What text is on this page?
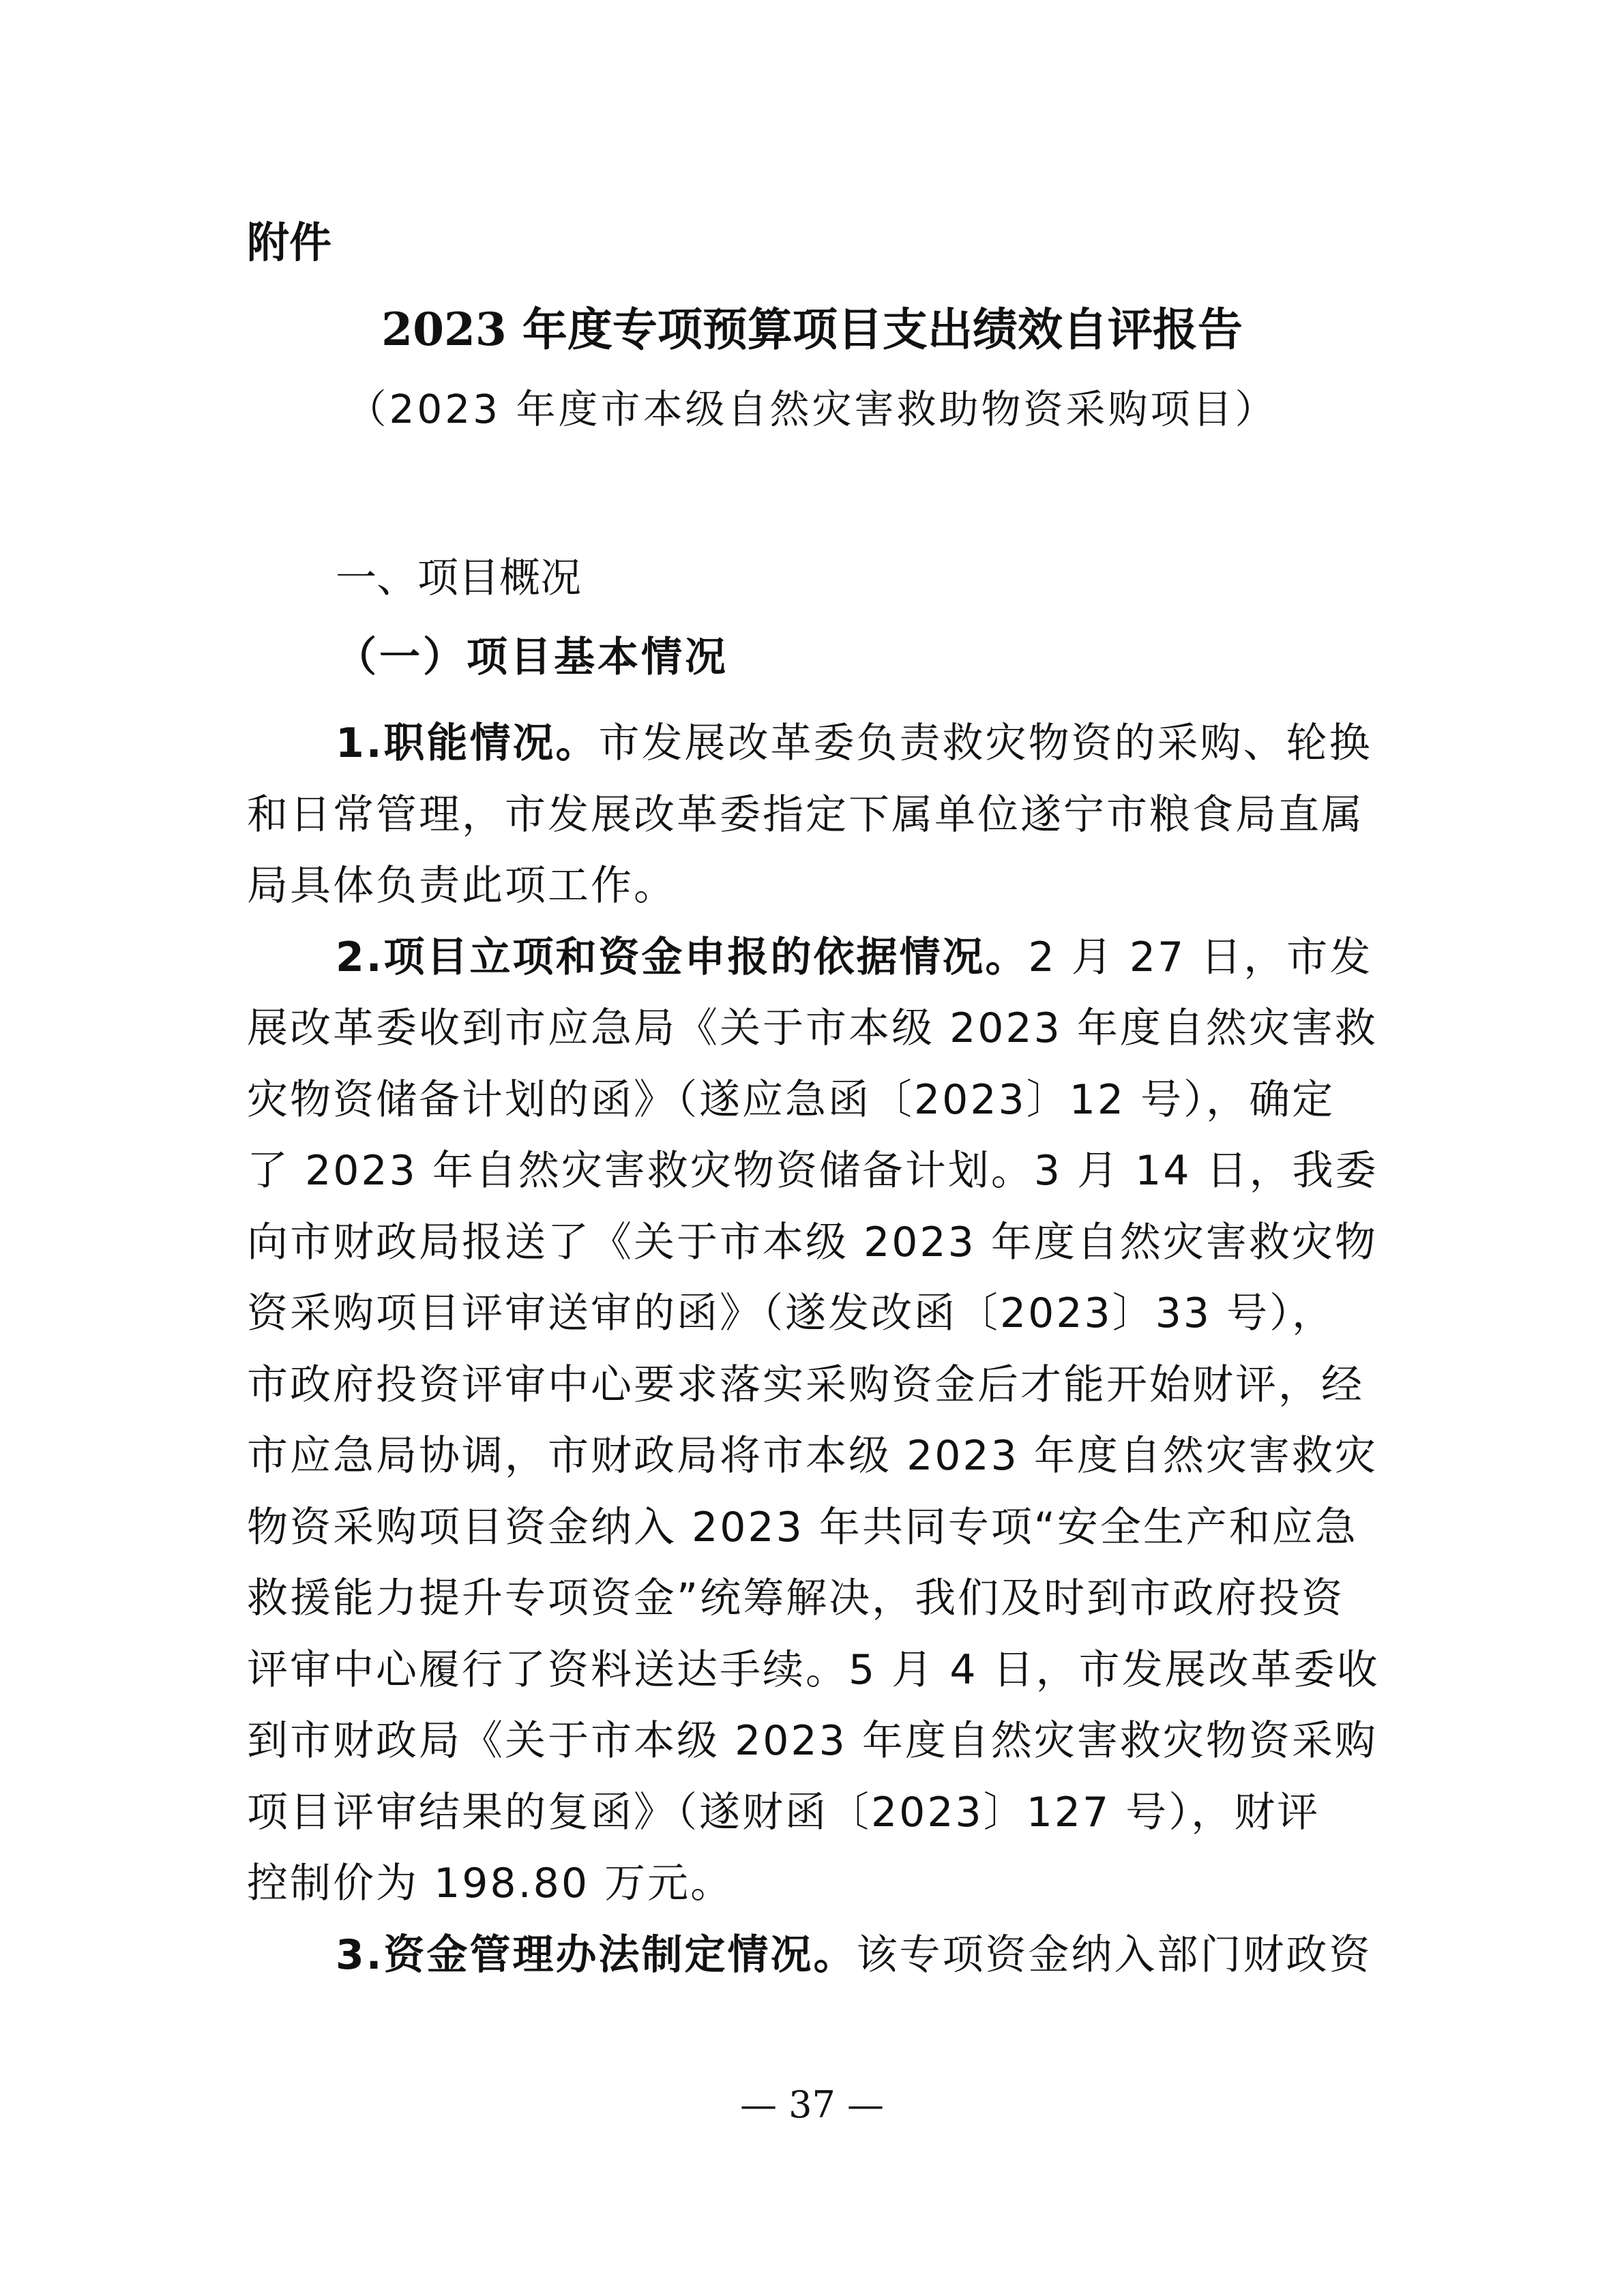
附件
2023 年度专项预算项目支出绩效自评报告
（2023 年度市本级自然灾害救助物资采购项目）
一、项目概况
（一）项目基本情况
1.职能情况。市发展改革委负责救灾物资的采购、轮换
和日常管理，市发展改革委指定下属单位遂宁市粮食局直属
局具体负责此项工作。
2.项目立项和资金申报的依据情况。2 月 27 日，市发
展改革委收到市应急局《关于市本级 2023 年度自然灾害救
灾物资储备计划的函》（遂应急函〔2023〕12 号），确定
了 2023 年自然灾害救灾物资储备计划。3 月 14 日，我委
向市财政局报送了《关于市本级 2023 年度自然灾害救灾物
资采购项目评审送审的函》（遂发改函〔2023〕33 号），
市政府投资评审中心要求落实采购资金后才能开始财评，经
市应急局协调，市财政局将市本级 2023 年度自然灾害救灾
物资采购项目资金纳入 2023 年共同专项“安全生产和应急
救援能力提升专项资金”统筹解决，我们及时到市政府投资
评审中心履行了资料送达手续。5 月 4 日，市发展改革委收
到市财政局《关于市本级 2023 年度自然灾害救灾物资采购
项目评审结果的复函》（遂财函〔2023〕127 号），财评
控制价为 198.80 万元。
3.资金管理办法制定情况。该专项资金纳入部门财政资
— 37 —
